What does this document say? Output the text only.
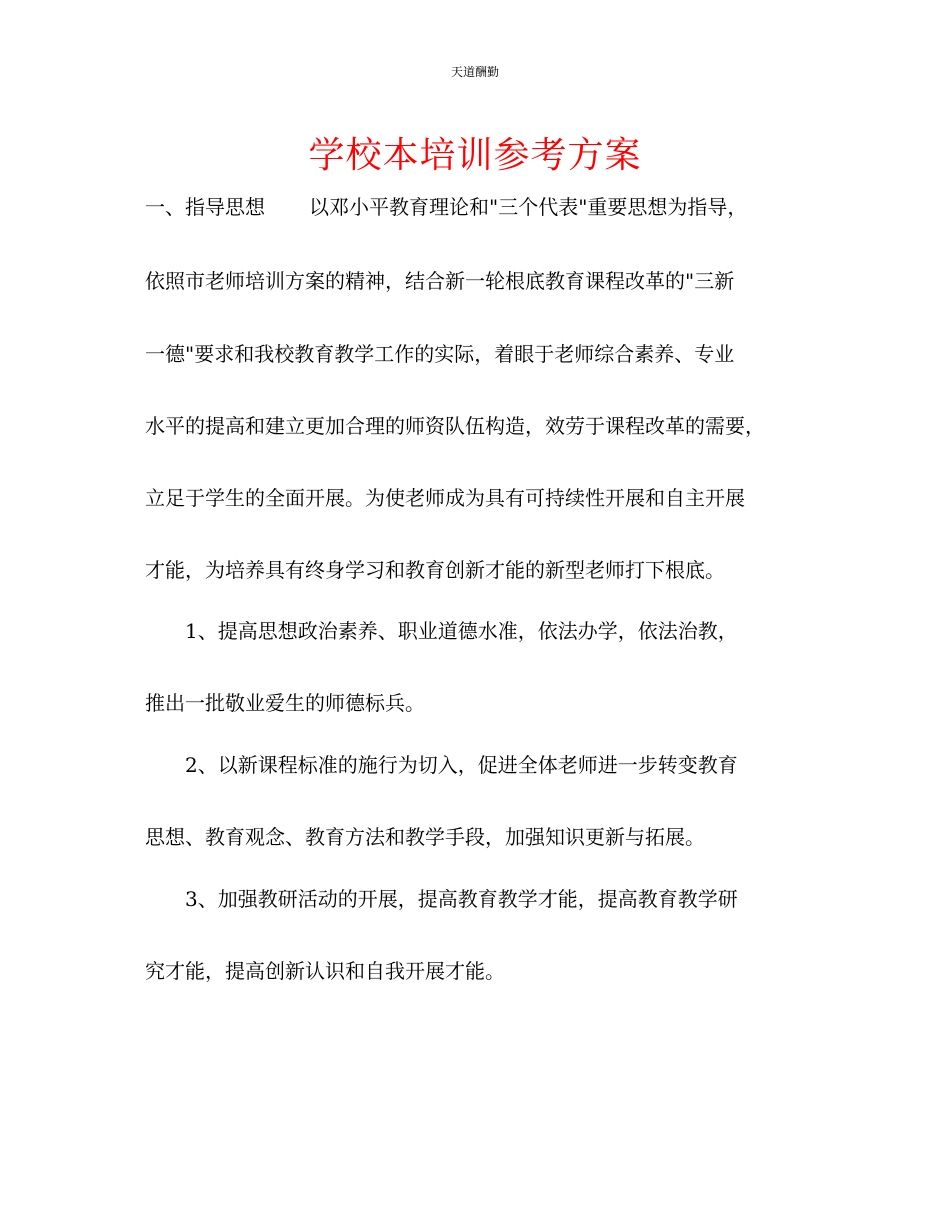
天道酬勤
学校本培训参考方案
一、指导思想 以邓小平教育理论和"三个代表"重要思想为指导，
依照市老师培训方案的精神，结合新一轮根底教育课程改革的"三新
一德"要求和我校教育教学工作的实际，着眼于老师综合素养、专业
水平的提高和建立更加合理的师资队伍构造，效劳于课程改革的需要，
立足于学生的全面开展。为使老师成为具有可持续性开展和自主开展
才能，为培养具有终身学习和教育创新才能的新型老师打下根底。
1、提高思想政治素养、职业道德水准，依法办学，依法治教，
推出一批敬业爱生的师德标兵。
2、以新课程标准的施行为切入，促进全体老师进一步转变教育
思想、教育观念、教育方法和教学手段，加强知识更新与拓展。
3、加强教研活动的开展，提高教育教学才能，提高教育教学研
究才能，提高创新认识和自我开展才能。
